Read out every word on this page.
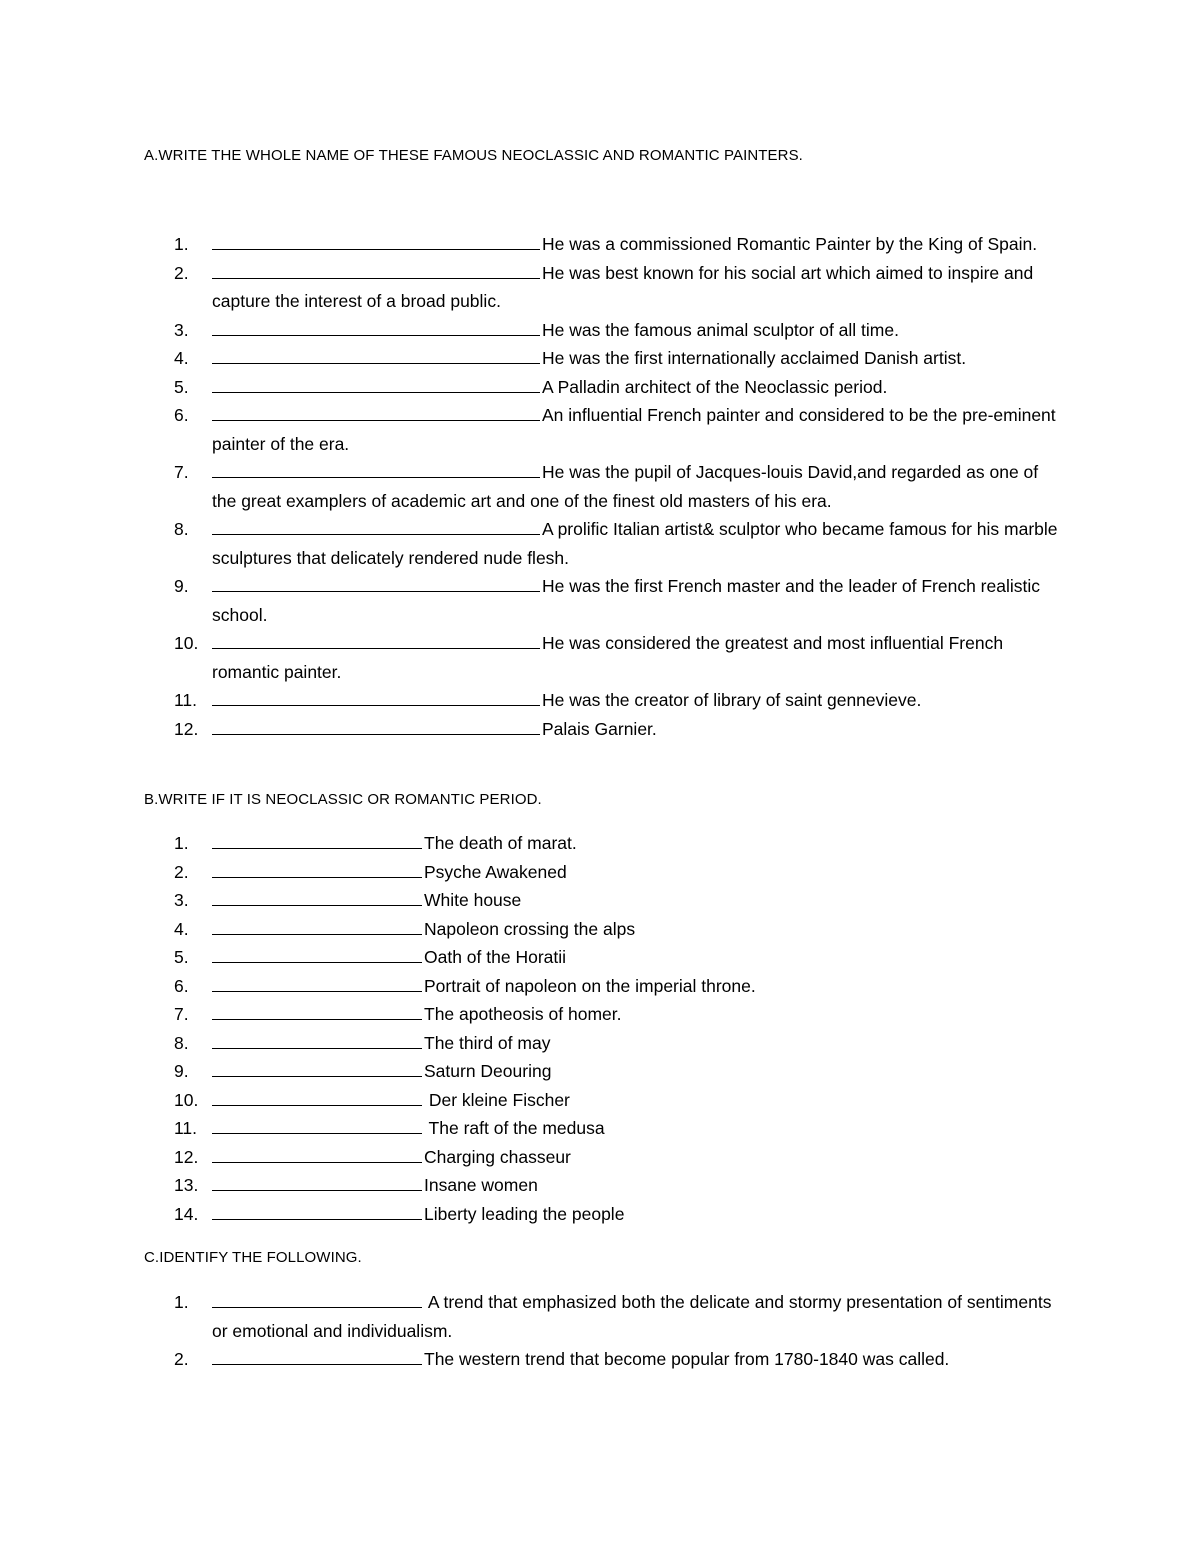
A.WRITE THE WHOLE NAME OF THESE FAMOUS NEOCLASSIC AND ROMANTIC PAINTERS.
1.	He was a commissioned Romantic Painter by the King of Spain.
2.	He was best known for his social art which aimed to inspire and capture the interest of a broad public.
3.	He was the famous animal sculptor of all time.
4.	He was the first internationally acclaimed Danish artist.
5.	A Palladin architect of the Neoclassic period.
6.	An influential French painter and considered to be the pre-eminent painter of the era.
7.	He was the pupil of Jacques-louis David,and regarded as one of the great examplers of academic art and one of the finest old masters of his era.
8.	A prolific Italian artist& sculptor who became famous for his marble sculptures that delicately rendered nude flesh.
9.	He was the first French master and the leader of French realistic school.
10.	He was considered the greatest and most influential French romantic painter.
11.	He was the creator of library of saint gennevieve.
12.	Palais Garnier.
B.WRITE IF IT IS NEOCLASSIC OR ROMANTIC PERIOD.
1.	The death of marat.
2.	Psyche Awakened
3.	White house
4.	Napoleon crossing the alps
5.	Oath of the Horatii
6.	Portrait of napoleon on the imperial throne.
7.	The apotheosis of homer.
8.	The third of may
9.	Saturn Deouring
10.	Der kleine Fischer
11.	The raft of the medusa
12.	Charging chasseur
13.	Insane women
14.	Liberty leading the people
C.IDENTIFY THE FOLLOWING.
1.	A trend that emphasized both the delicate and stormy presentation of sentiments or emotional and individualism.
2.	The western trend that become popular from 1780-1840 was called.
